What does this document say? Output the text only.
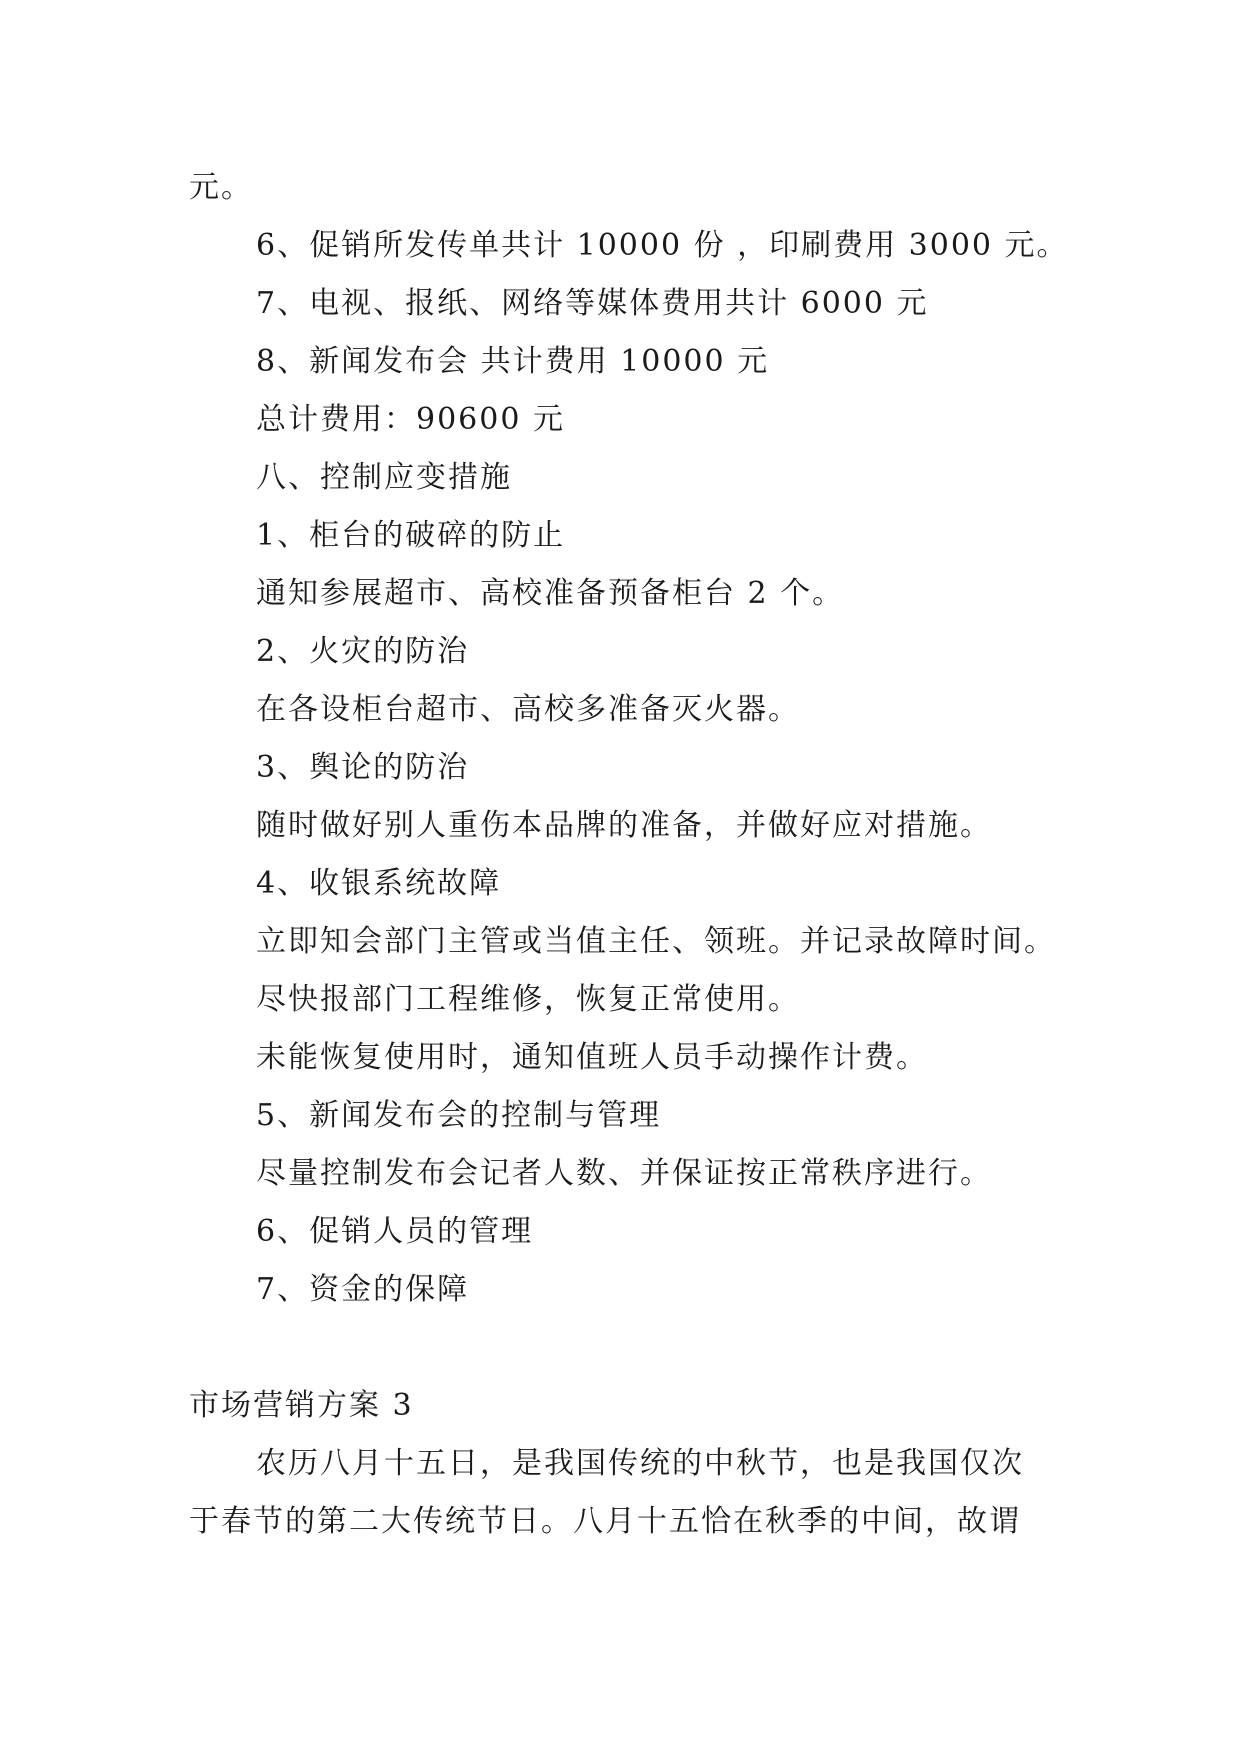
元。
6、促销所发传单共计 10000 份 ，印刷费用 3000 元。
7、电视、报纸、网络等媒体费用共计 6000 元
8、新闻发布会 共计费用 10000 元
总计费用：90600 元
八、控制应变措施
1、柜台的破碎的防止
通知参展超市、高校准备预备柜台 2 个。
2、火灾的防治
在各设柜台超市、高校多准备灭火器。
3、舆论的防治
随时做好别人重伤本品牌的准备，并做好应对措施。
4、收银系统故障
立即知会部门主管或当值主任、领班。并记录故障时间。
尽快报部门工程维修，恢复正常使用。
未能恢复使用时，通知值班人员手动操作计费。
5、新闻发布会的控制与管理
尽量控制发布会记者人数、并保证按正常秩序进行。
6、促销人员的管理
7、资金的保障
市场营销方案 3
农历八月十五日，是我国传统的中秋节，也是我国仅次
于春节的第二大传统节日。八月十五恰在秋季的中间，故谓
